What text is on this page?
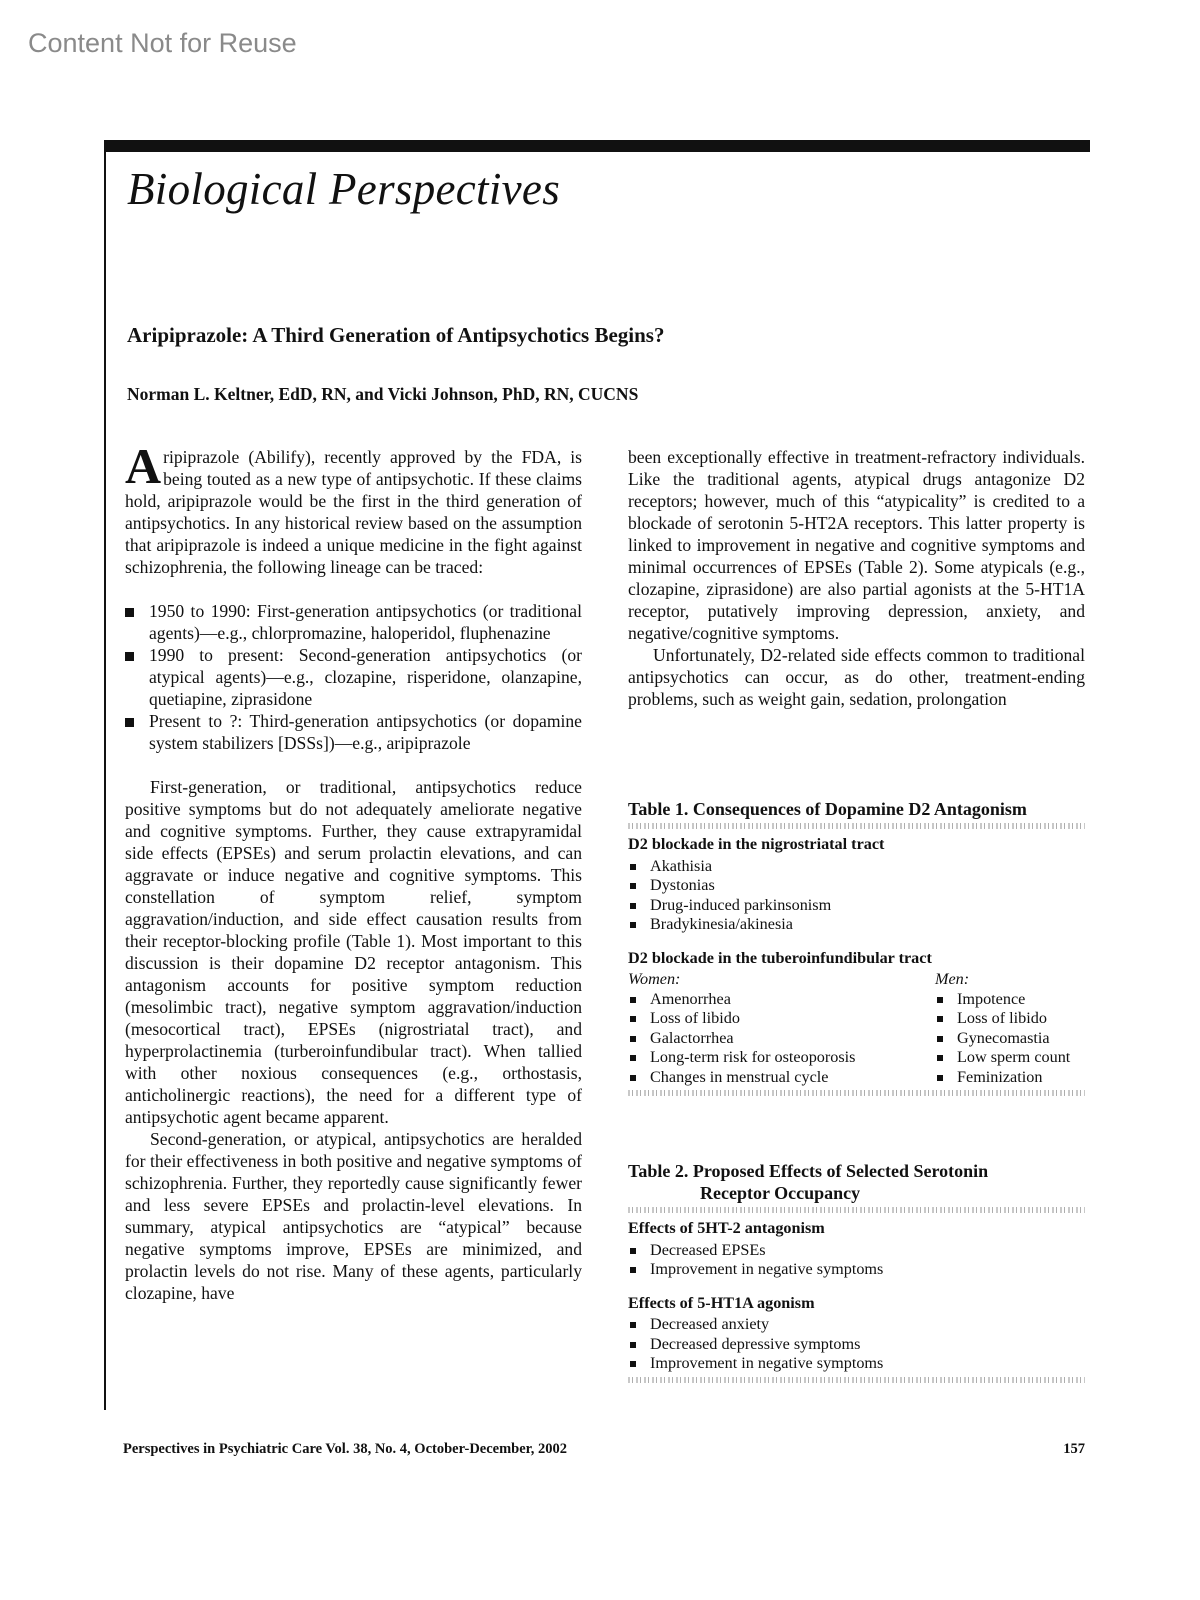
Content Not for Reuse
Biological Perspectives
Aripiprazole: A Third Generation of Antipsychotics Begins?

Norman L. Keltner, EdD, RN, and Vicki Johnson, PhD, RN, CUCNS

Aripiprazole (Abilify), recently approved by the FDA, is being touted as a new type of antipsychotic. If these claims hold, aripiprazole would be the first in the third generation of antipsychotics. In any historical review based on the assumption that aripiprazole is indeed a unique medicine in the fight against schizophrenia, the following lineage can be traced:

1950 to 1990: First-generation antipsychotics (or traditional agents)—e.g., chlorpromazine, haloperidol, fluphenazine
1990 to present: Second-generation antipsychotics (or atypical agents)—e.g., clozapine, risperidone, olanzapine, quetiapine, ziprasidone
Present to ?: Third-generation antipsychotics (or dopamine system stabilizers [DSSs])—e.g., aripiprazole

First-generation, or traditional, antipsychotics reduce positive symptoms but do not adequately ameliorate negative and cognitive symptoms. Further, they cause extrapyramidal side effects (EPSEs) and serum prolactin elevations, and can aggravate or induce negative and cognitive symptoms. This constellation of symptom relief, symptom aggravation/induction, and side effect causation results from their receptor-blocking profile (Table 1). Most important to this discussion is their dopamine D2 receptor antagonism. This antagonism accounts for positive symptom reduction (mesolimbic tract), negative symptom aggravation/induction (mesocortical tract), EPSEs (nigrostriatal tract), and hyperprolactinemia (turberoinfundibular tract). When tallied with other noxious consequences (e.g., orthostasis, anticholinergic reactions), the need for a different type of antipsychotic agent became apparent.

Second-generation, or atypical, antipsychotics are heralded for their effectiveness in both positive and negative symptoms of schizophrenia. Further, they reportedly cause significantly fewer and less severe EPSEs and prolactin-level elevations. In summary, atypical antipsychotics are “atypical” because negative symptoms improve, EPSEs are minimized, and prolactin levels do not rise. Many of these agents, particularly clozapine, have

been exceptionally effective in treatment-refractory individuals. Like the traditional agents, atypical drugs antagonize D2 receptors; however, much of this “atypicality” is credited to a blockade of serotonin 5-HT2A receptors. This latter property is linked to improvement in negative and cognitive symptoms and minimal occurrences of EPSEs (Table 2). Some atypicals (e.g., clozapine, ziprasidone) are also partial agonists at the 5-HT1A receptor, putatively improving depression, anxiety, and negative/cognitive symptoms.

Unfortunately, D2-related side effects common to traditional antipsychotics can occur, as do other, treatment-ending problems, such as weight gain, sedation, prolongation

Table 1. Consequences of Dopamine D2 Antagonism

D2 blockade in the nigrostriatal tract
Akathisia
Dystonias
Drug-induced parkinsonism
Bradykinesia/akinesia
D2 blockade in the tuberoinfundibular tract
Women:
Amenorrhea
Loss of libido
Galactorrhea
Long-term risk for osteoporosis
Changes in menstrual cycle
Men:
Impotence
Loss of libido
Gynecomastia
Low sperm count
Feminization

Table 2. Proposed Effects of Selected Serotonin

Receptor Occupancy

Effects of 5HT-2 antagonism
Decreased EPSEs
Improvement in negative symptoms
Effects of 5-HT1A agonism
Decreased anxiety
Decreased depressive symptoms
Improvement in negative symptoms
Perspectives in Psychiatric Care Vol. 38, No. 4, October-December, 2002	157
